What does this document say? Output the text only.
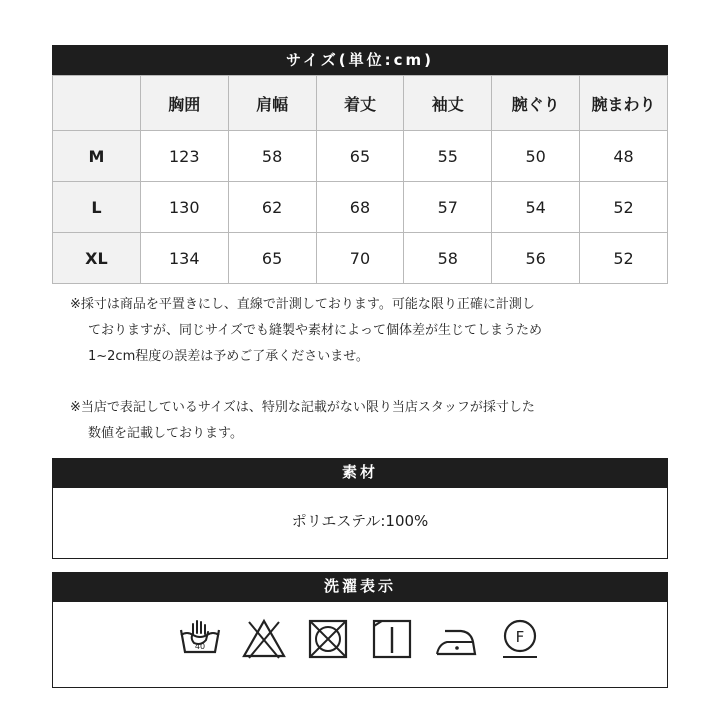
サイズ(単位:cm)
	胸囲	肩幅	着丈	袖丈	腕ぐり	腕まわり
M	123	58	65	55	50	48
L	130	62	68	57	54	52
XL	134	65	70	58	56	52
※採寸は商品を平置きにし、直線で計測しております。可能な限り正確に計測し
ておりますが、同じサイズでも縫製や素材によって個体差が生じてしまうため
1~2cm程度の誤差は予めご了承くださいませ。
※当店で表記しているサイズは、特別な記載がない限り当店スタッフが採寸した
数値を記載しております。
素材
ポリエステル:100%
洗濯表示
40
F
